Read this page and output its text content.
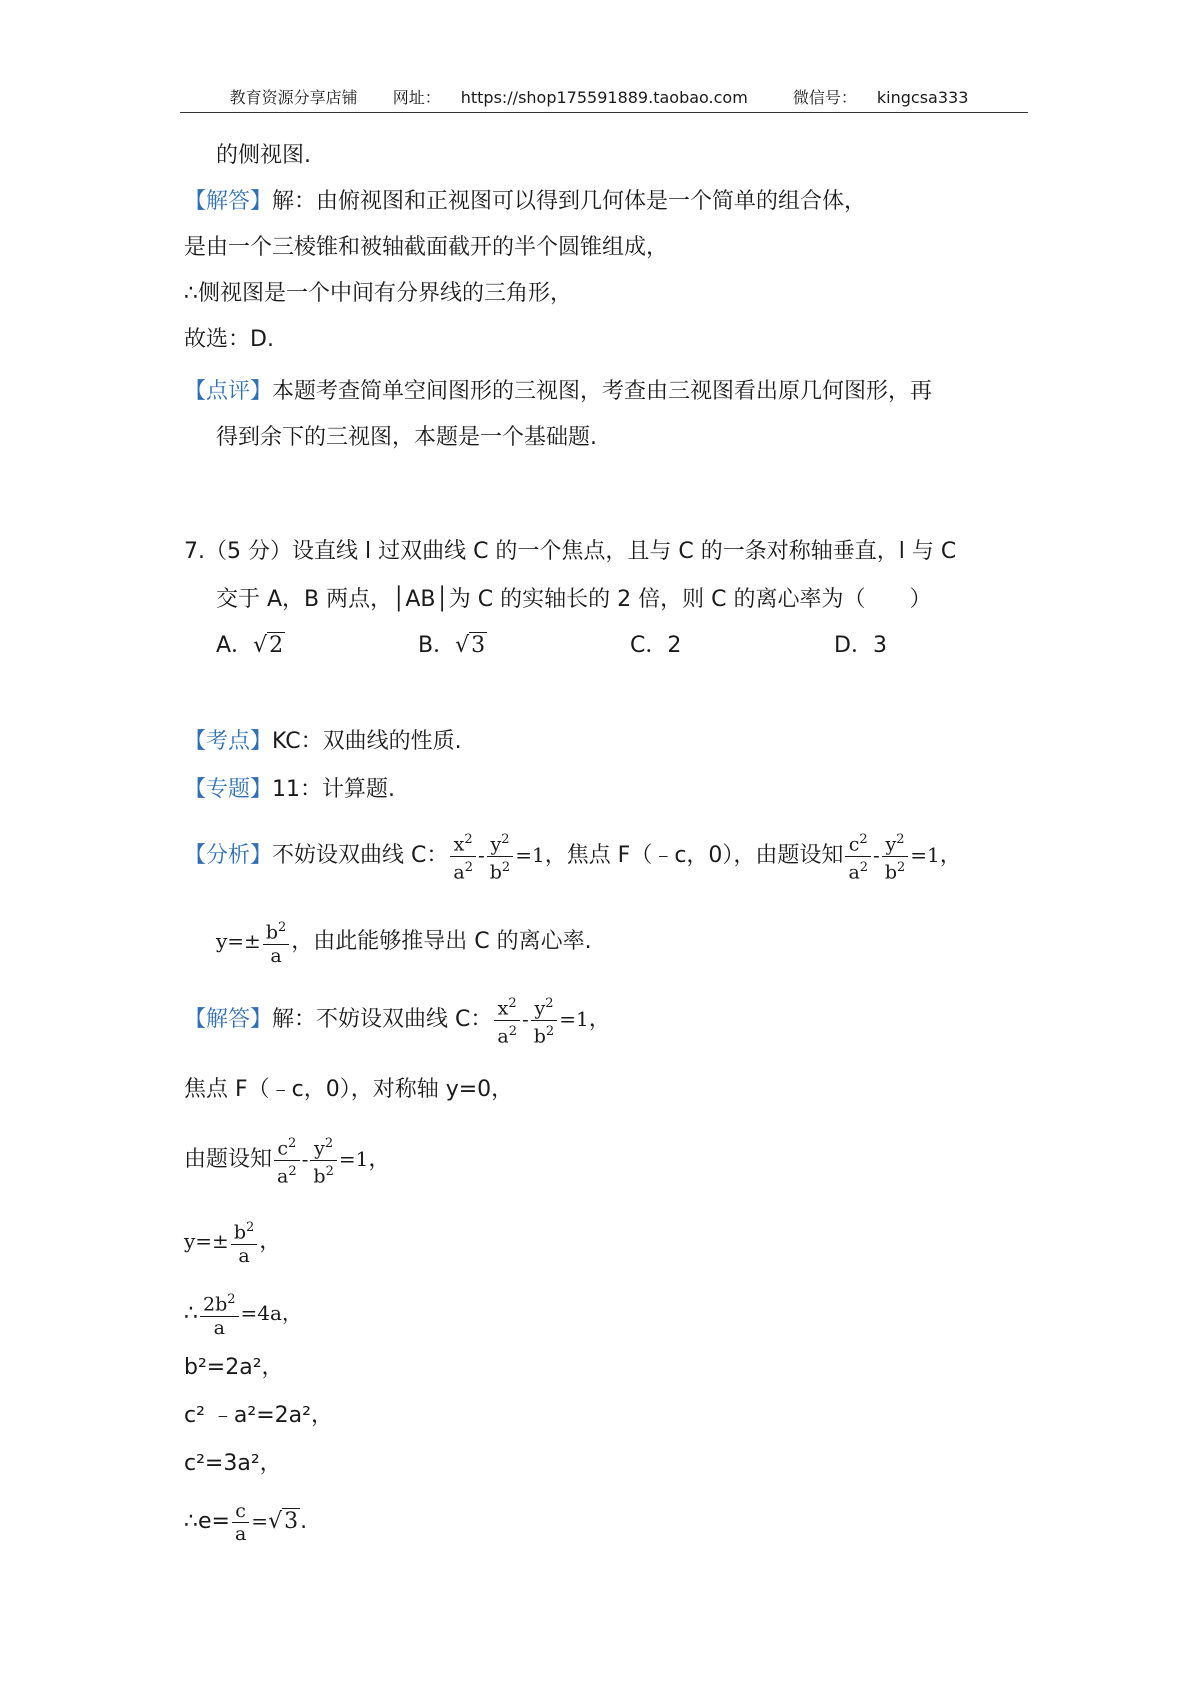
教育资源分享店铺 网址： https://shop175591889.taobao.com	微信号： kingcsa333
的侧视图.
【解答】解：由俯视图和正视图可以得到几何体是一个简单的组合体，
是由一个三棱锥和被轴截面截开的半个圆锥组成，
∴侧视图是一个中间有分界线的三角形，
故选：D.
【点评】本题考查简单空间图形的三视图，考查由三视图看出原几何图形，再
得到余下的三视图，本题是一个基础题.
7.（5 分）设直线 l 过双曲线 C 的一个焦点，且与 C 的一条对称轴垂直，l 与 C
交于 A，B 两点，│AB│为 C 的实轴长的 2 倍，则 C 的离心率为（　　）
A．√2	B．√3	C．2	D．3
【考点】KC：双曲线的性质.
【专题】11：计算题.
【分析】不妨设双曲线 C： $\frac{x^2}{a^2} - \frac{y^2}{b^2} =1$，焦点 F（﹣c，0），由题设知 $\frac{c^2}{a^2} - \frac{y^2}{b^2} =1$，
$y=\pm \frac{b^2}{a}$ ，由此能够推导出 C 的离心率.
【解答】解：不妨设双曲线 C： $\frac{x^2}{a^2} - \frac{y^2}{b^2} =1$，
焦点 F（﹣c，0），对称轴 y=0，
由题设知 $\frac{c^2}{a^2} - \frac{y^2}{b^2} =1$，
$y=\pm \frac{b^2}{a}$ ，
∴ $\frac{2b^2}{a} =4a$，
b²=2a²，
c² ﹣a²=2a²，
c²=3a²，
∴e= $\frac{c}{a} =√3$.
